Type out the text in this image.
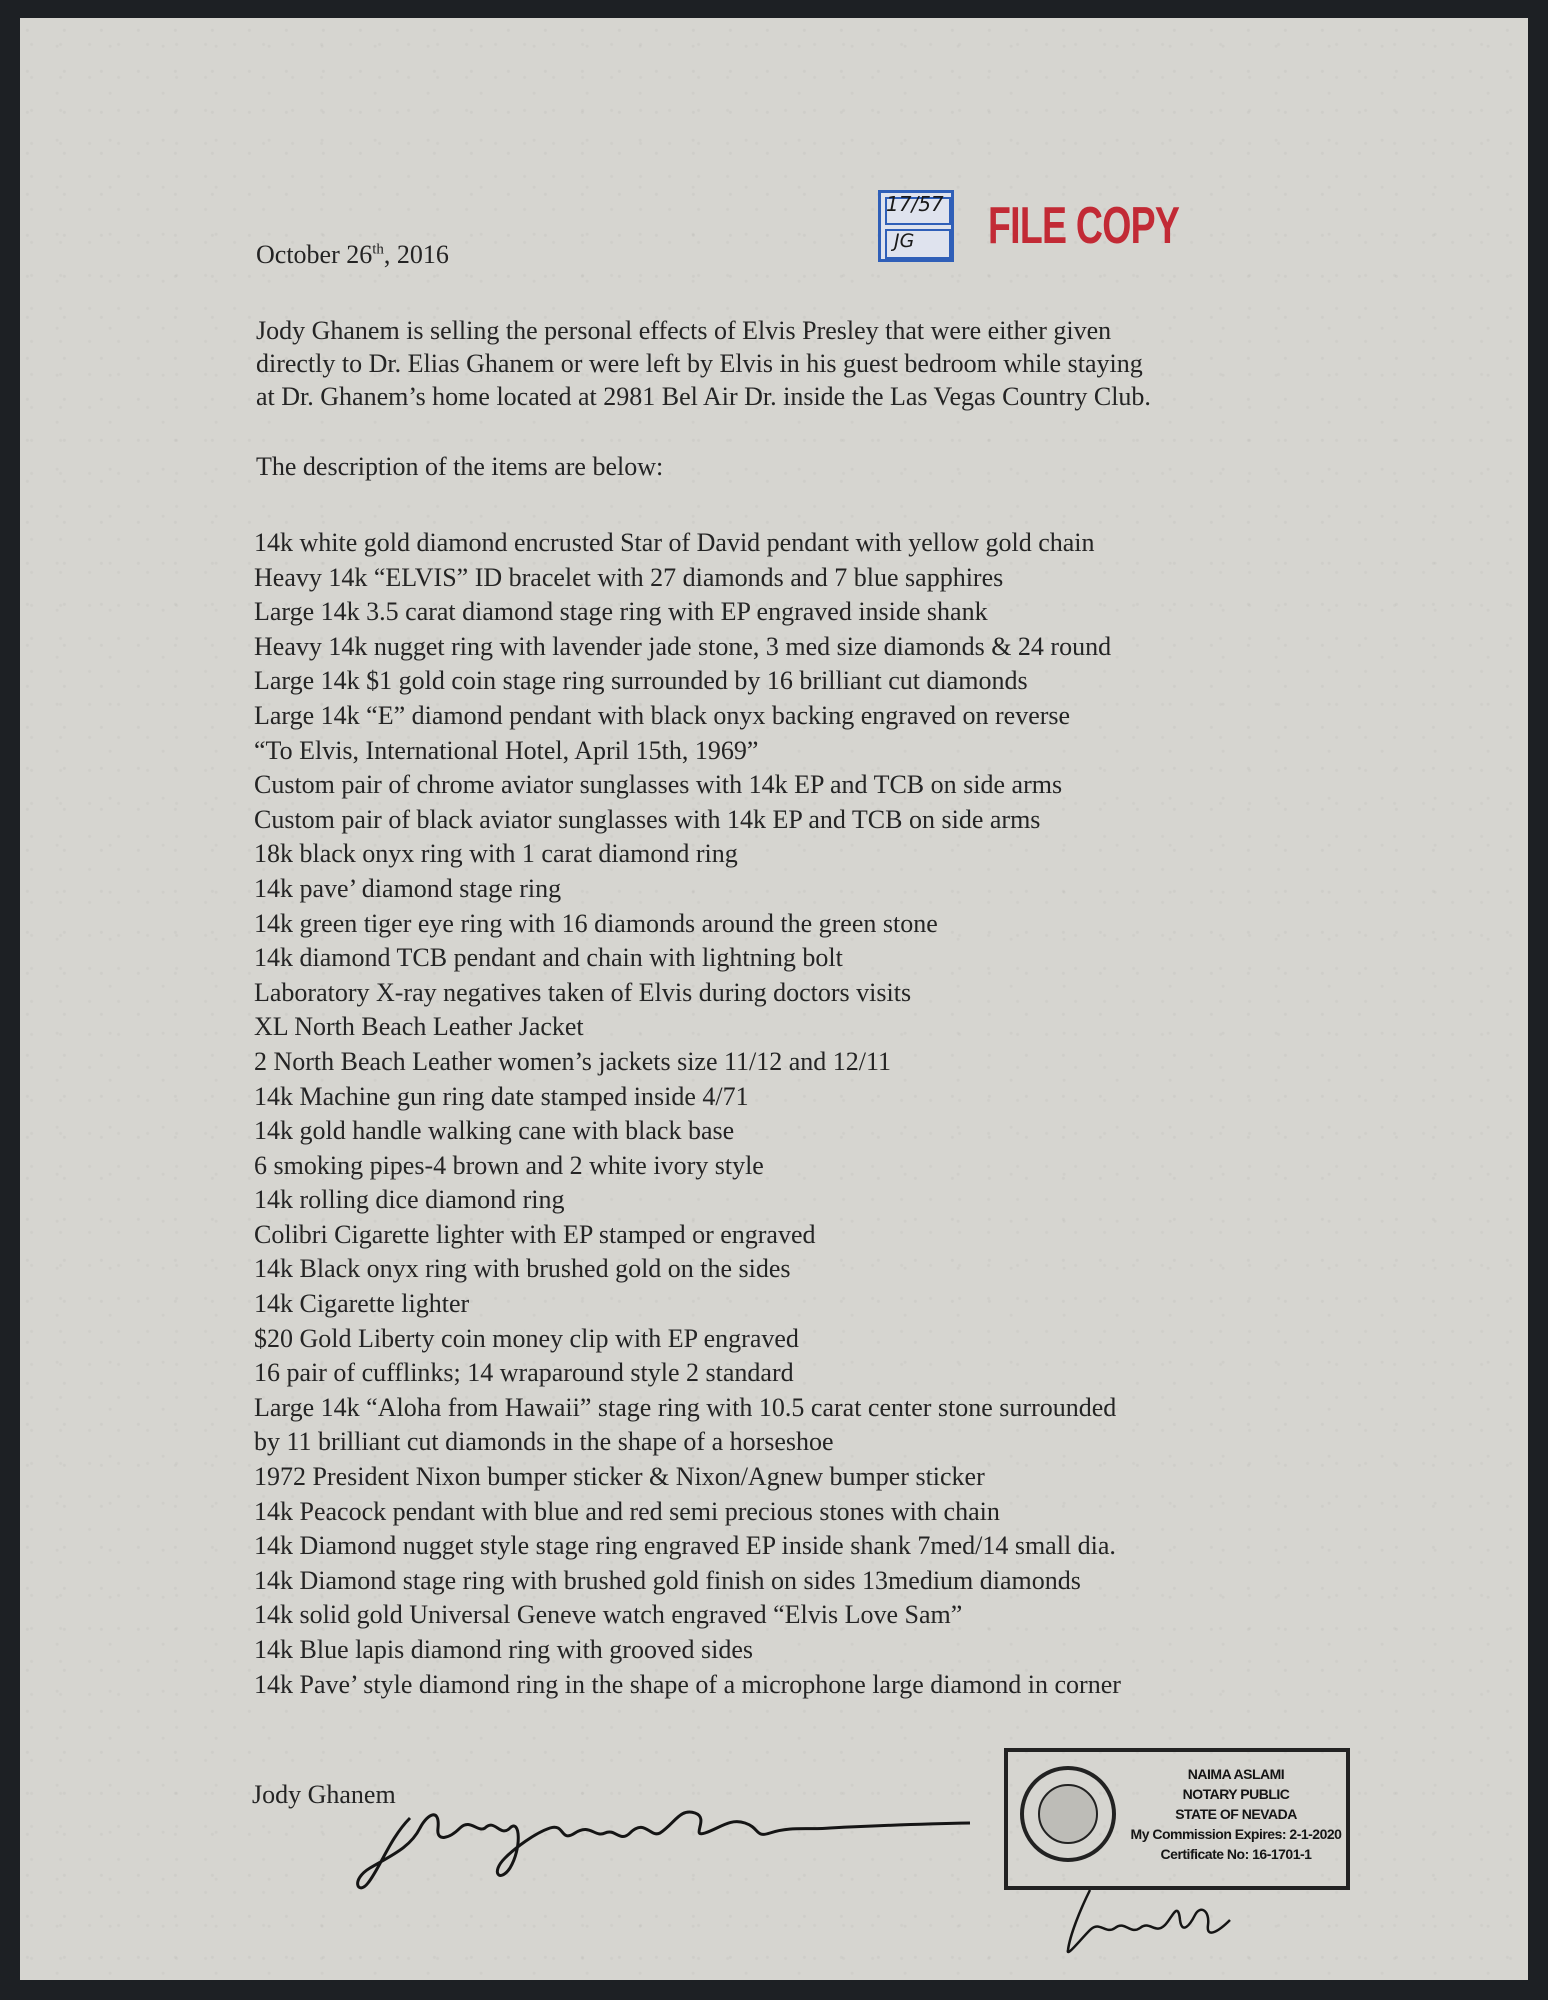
17/57
JG FILE COPY
October 26th, 2016
Jody Ghanem is selling the personal effects of Elvis Presley that were either given
directly to Dr. Elias Ghanem or were left by Elvis in his guest bedroom while staying
at Dr. Ghanem’s home located at 2981 Bel Air Dr. inside the Las Vegas Country Club.
The description of the items are below:
14k white gold diamond encrusted Star of David pendant with yellow gold chain
Heavy 14k “ELVIS” ID bracelet with 27 diamonds and 7 blue sapphires
Large 14k 3.5 carat diamond stage ring with EP engraved inside shank
Heavy 14k nugget ring with lavender jade stone, 3 med size diamonds & 24 round
Large 14k $1 gold coin stage ring surrounded by 16 brilliant cut diamonds
Large 14k “E” diamond pendant with black onyx backing engraved on reverse
“To Elvis, International Hotel, April 15th, 1969”
Custom pair of chrome aviator sunglasses with 14k EP and TCB on side arms
Custom pair of black aviator sunglasses with 14k EP and TCB on side arms
18k black onyx ring with 1 carat diamond ring
14k pave’ diamond stage ring
14k green tiger eye ring with 16 diamonds around the green stone
14k diamond TCB pendant and chain with lightning bolt
Laboratory X-ray negatives taken of Elvis during doctors visits
XL North Beach Leather Jacket
2 North Beach Leather women’s jackets size 11/12 and 12/11
14k Machine gun ring date stamped inside 4/71
14k gold handle walking cane with black base
6 smoking pipes-4 brown and 2 white ivory style
14k rolling dice diamond ring
Colibri Cigarette lighter with EP stamped or engraved
14k Black onyx ring with brushed gold on the sides
14k Cigarette lighter
$20 Gold Liberty coin money clip with EP engraved
16 pair of cufflinks; 14 wraparound style 2 standard
Large 14k “Aloha from Hawaii” stage ring with 10.5 carat center stone surrounded
by 11 brilliant cut diamonds in the shape of a horseshoe
1972 President Nixon bumper sticker & Nixon/Agnew bumper sticker
14k Peacock pendant with blue and red semi precious stones with chain
14k Diamond nugget style stage ring engraved EP inside shank 7med/14 small dia.
14k Diamond stage ring with brushed gold finish on sides 13medium diamonds
14k solid gold Universal Geneve watch engraved “Elvis Love Sam”
14k Blue lapis diamond ring with grooved sides
14k Pave’ style diamond ring in the shape of a microphone large diamond in corner
Jody Ghanem
NAIMA ASLAMI
NOTARY PUBLIC
STATE OF NEVADA
My Commission Expires: 2-1-2020
Certificate No: 16-1701-1
